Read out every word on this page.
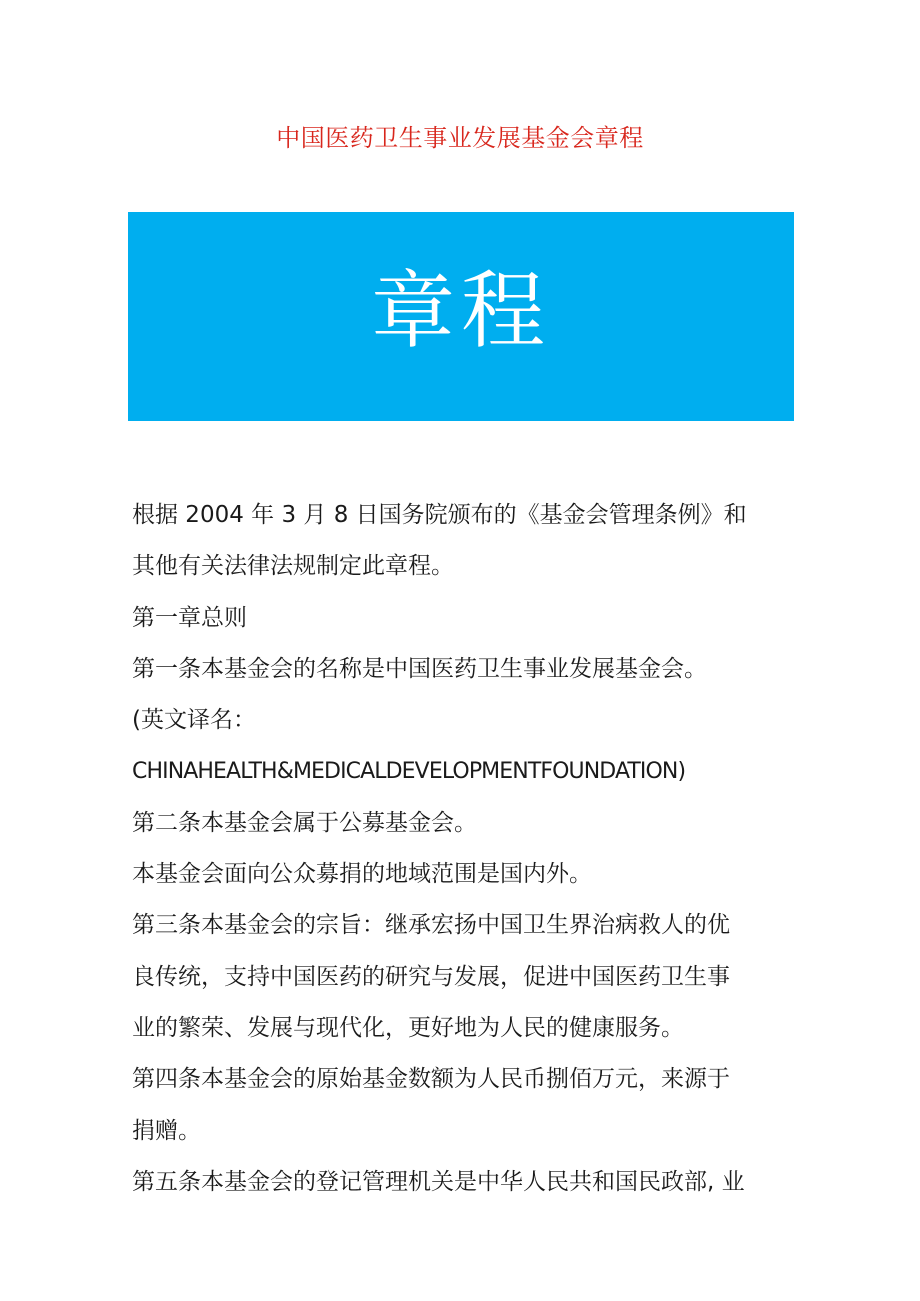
中国医药卫生事业发展基金会章程
章程
根据 2004 年 3 月 8 日国务院颁布的《基金会管理条例》和
其他有关法律法规制定此章程。
第一章总则
第一条本基金会的名称是中国医药卫生事业发展基金会。
(英文译名：
CHINAHEALTH&MEDICALDEVELOPMENTFOUNDATION)
第二条本基金会属于公募基金会。
本基金会面向公众募捐的地域范围是国内外。
第三条本基金会的宗旨：继承宏扬中国卫生界治病救人的优
良传统，支持中国医药的研究与发展，促进中国医药卫生事
业的繁荣、发展与现代化，更好地为人民的健康服务。
第四条本基金会的原始基金数额为人民币捌佰万元，来源于
捐赠。
第五条本基金会的登记管理机关是中华人民共和国民政部, 业
